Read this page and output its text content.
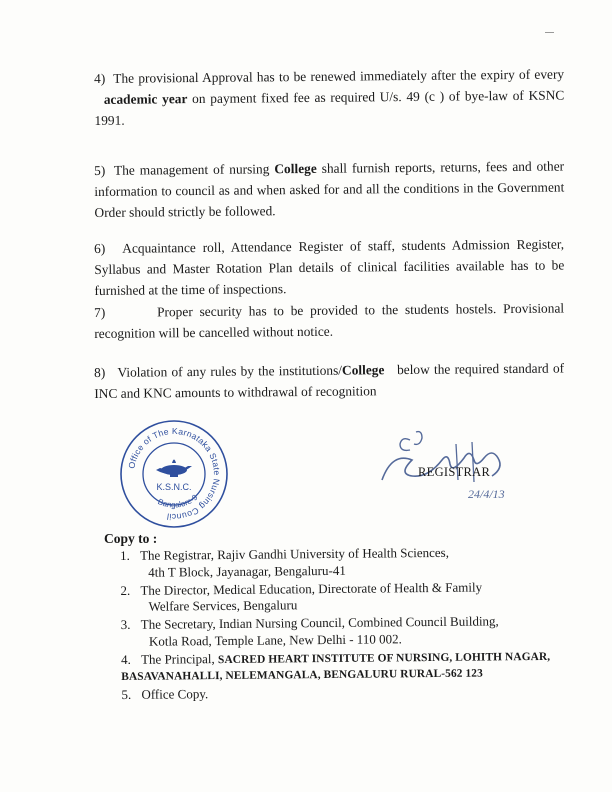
4) The provisional Approval has to be renewed immediately after the expiry of every   academic year on payment fixed fee as required U/s. 49 (c ) of bye-law of KSNC 1991.
5) The management of nursing College shall furnish reports, returns, fees and other information to council as and when asked for and all the conditions in the Government Order should strictly be followed.
6) Acquaintance roll, Attendance Register of staff, students Admission Register, Syllabus and Master Rotation Plan details of clinical facilities available has to be furnished at the time of inspections.
7)	Proper security has to be provided to the students hostels. Provisional recognition will be cancelled without notice.
8) Violation of any rules by the institutions/College below the required standard of INC and KNC amounts to withdrawal of recognition
Office of The Karnataka State Nursing Council
K.S.N.C.
Bangalore-9	24/4/13
REGISTRAR
Copy to :
1. The Registrar, Rajiv Gandhi University of Health Sciences,
4th T Block, Jayanagar, Bengaluru-41
2. The Director, Medical Education, Directorate of Health & Family
Welfare Services, Bengaluru
3. The Secretary, Indian Nursing Council, Combined Council Building,
Kotla Road, Temple Lane, New Delhi - 110 002.
4. The Principal, SACRED HEART INSTITUTE OF NURSING, LOHITH NAGAR,
BASAVANAHALLI, NELEMANGALA, BENGALURU RURAL-562 123
5. Office Copy.
